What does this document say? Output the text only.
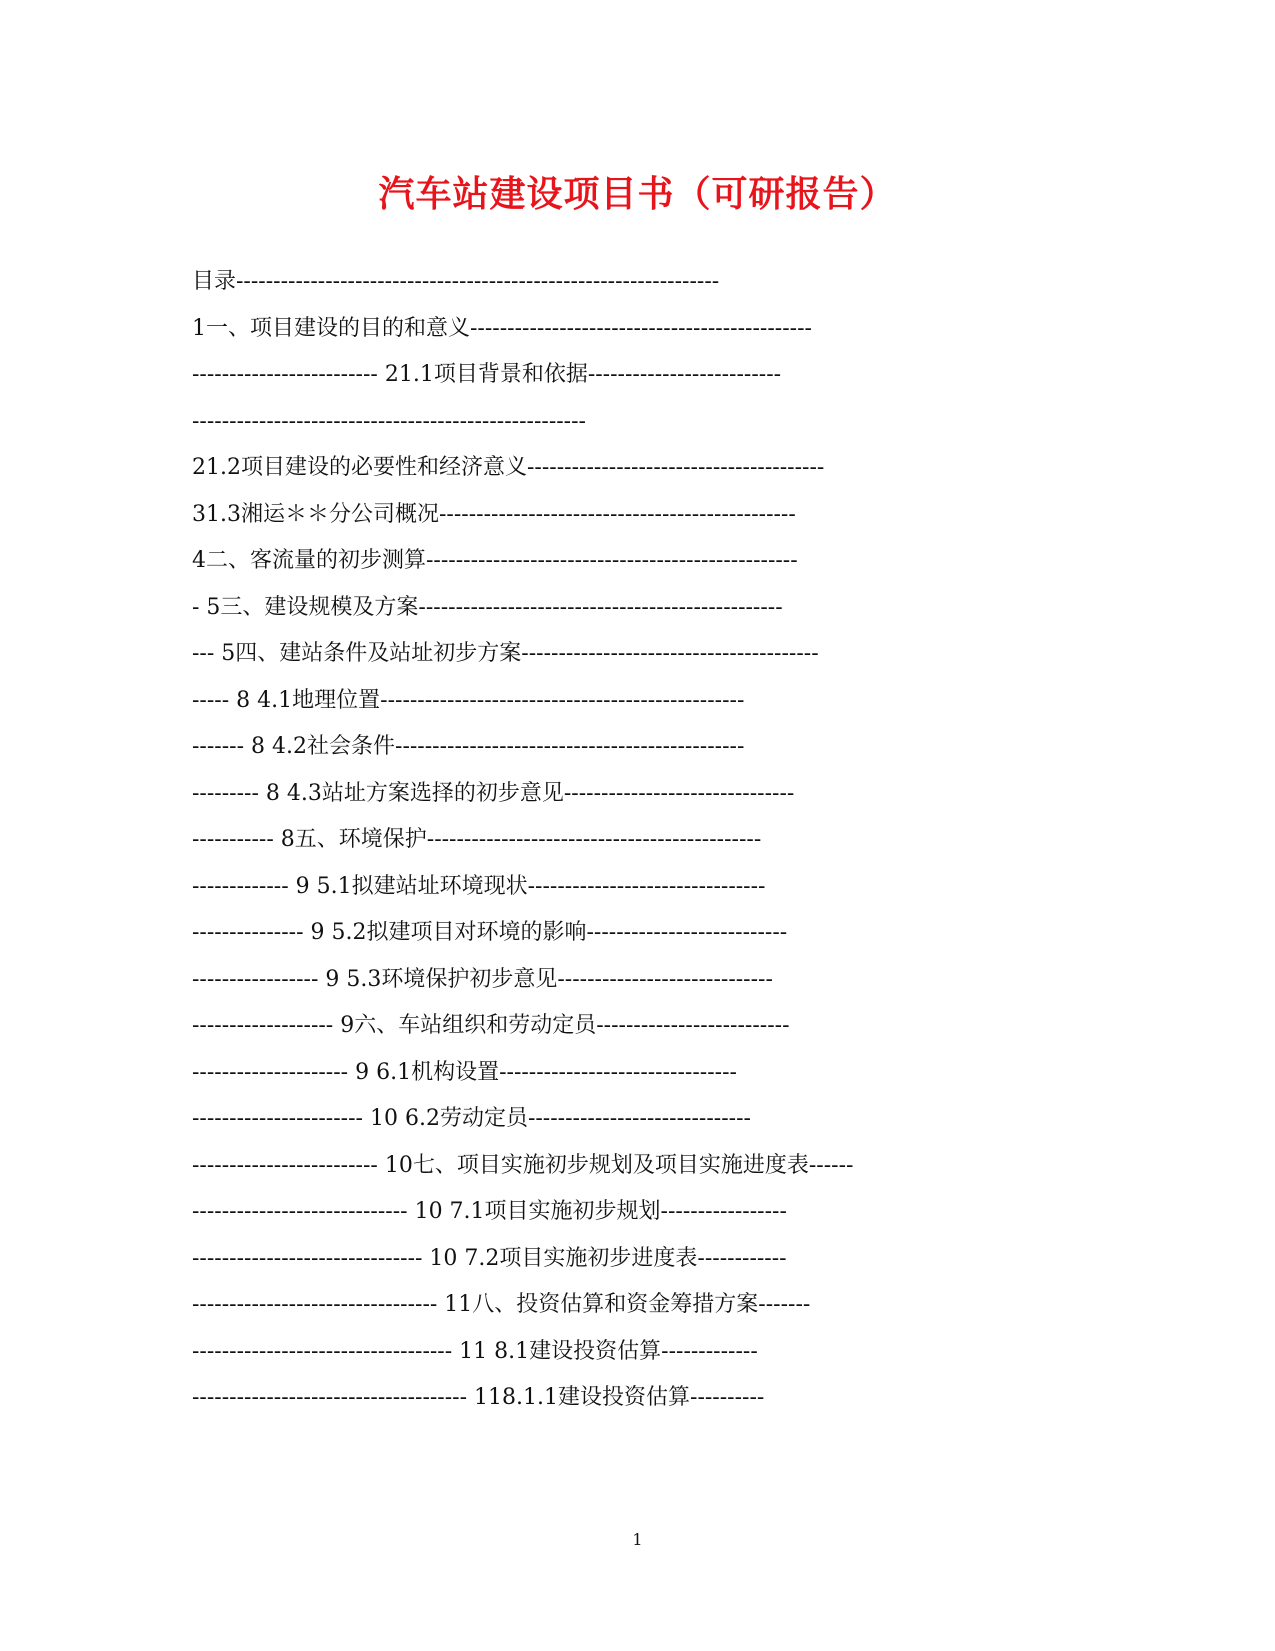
汽车站建设项目书（可研报告）
目录-----------------------------------------------------------------
1一、项目建设的目的和意义----------------------------------------------
------------------------- 21.1项目背景和依据--------------------------
-----------------------------------------------------
21.2项目建设的必要性和经济意义----------------------------------------
31.3湘运＊＊分公司概况------------------------------------------------
4二、客流量的初步测算--------------------------------------------------
- 5三、建设规模及方案-------------------------------------------------
--- 5四、建站条件及站址初步方案----------------------------------------
----- 8 4.1地理位置-------------------------------------------------
------- 8 4.2社会条件-----------------------------------------------
--------- 8 4.3站址方案选择的初步意见-------------------------------
----------- 8五、环境保护---------------------------------------------
------------- 9 5.1拟建站址环境现状--------------------------------
--------------- 9 5.2拟建项目对环境的影响---------------------------
----------------- 9 5.3环境保护初步意见-----------------------------
------------------- 9六、车站组织和劳动定员--------------------------
--------------------- 9 6.1机构设置--------------------------------
----------------------- 10 6.2劳动定员------------------------------
------------------------- 10七、项目实施初步规划及项目实施进度表------
----------------------------- 10 7.1项目实施初步规划-----------------
------------------------------- 10 7.2项目实施初步进度表------------
--------------------------------- 11八、投资估算和资金筹措方案-------
----------------------------------- 11 8.1建设投资估算-------------
------------------------------------- 118.1.1建设投资估算----------
1
